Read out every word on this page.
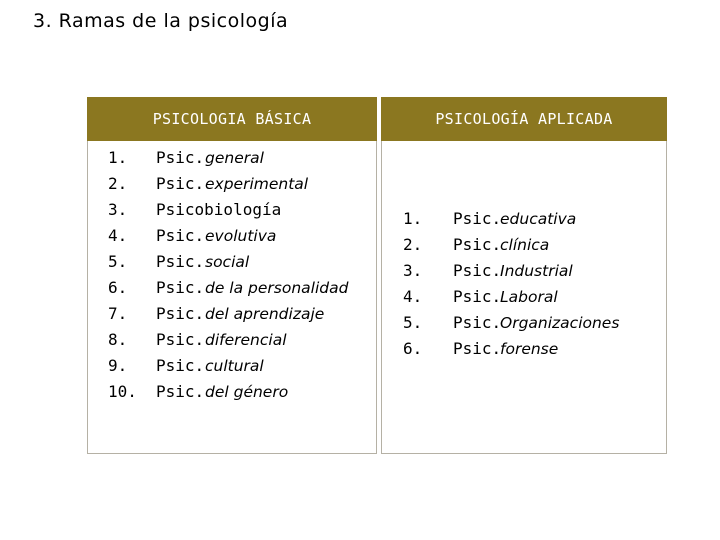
3. Ramas de la psicología
PSICOLOGIA BÁSICA
1. Psic. general
2. Psic. experimental
3. Psicobiología
4. Psic. evolutiva
5. Psic. social
6. Psic. de la personalidad
7. Psic. del aprendizaje
8. Psic. diferencial
9. Psic. cultural
10. Psic. del género
PSICOLOGÍA APLICADA
1. Psic.
educativa
2. Psic.
clínica
3. Psic.
Industrial
4. Psic.
Laboral
5. Psic.
Organizaciones
6. Psic.
forense
